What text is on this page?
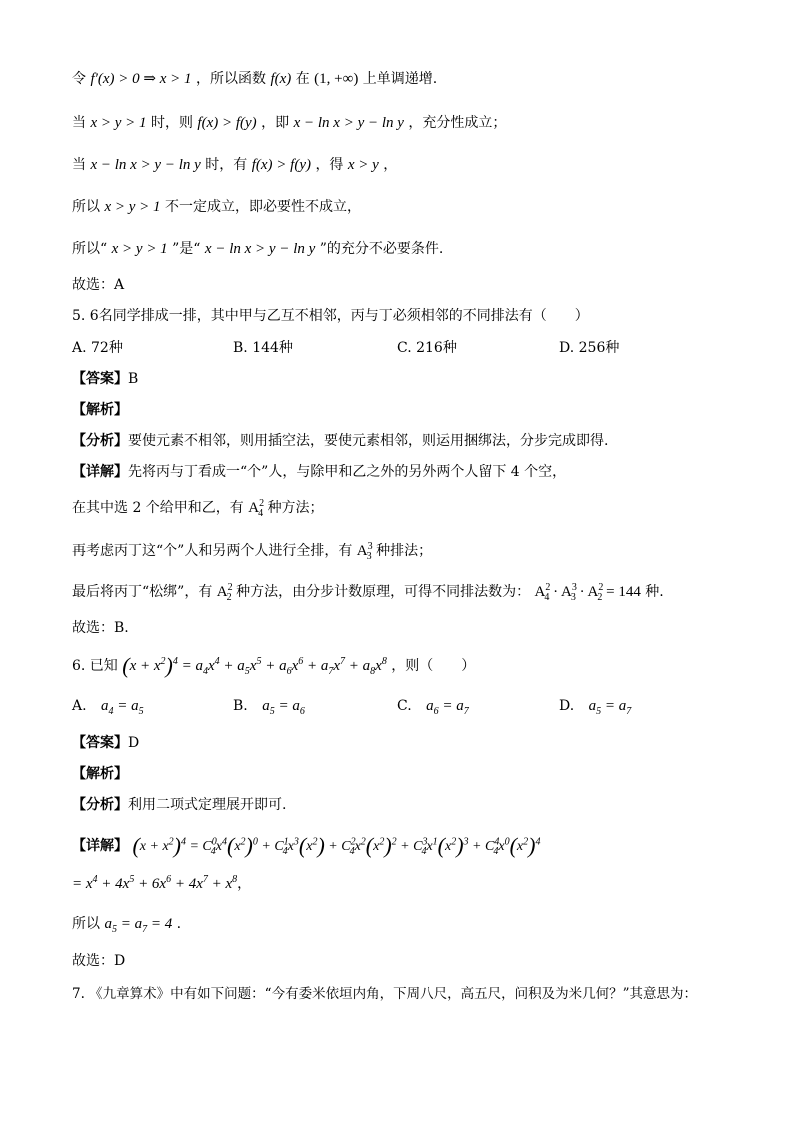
令 f′(x) > 0 ⇒ x > 1 ，所以函数 f(x) 在 (1, +∞) 上单调递增.
当 x > y > 1 时，则 f(x) > f(y) ，即 x − ln x > y − ln y ，充分性成立；
当 x − ln x > y − ln y 时，有 f(x) > f(y) ，得 x > y ，
所以 x > y > 1 不一定成立，即必要性不成立，
所以“ x > y > 1 ”是“ x − ln x > y − ln y ”的充分不必要条件.
故选：A
5. 6名同学排成一排，其中甲与乙互不相邻，丙与丁必须相邻的不同排法有（　　）
A. 72种	B. 144种	C. 216种	D. 256种
【答案】B
【解析】
【分析】要使元素不相邻，则用插空法，要使元素相邻，则运用捆绑法，分步完成即得.
【详解】先将丙与丁看成一“个”人，与除甲和乙之外的另外两个人留下 4 个空，
在其中选 2 个给甲和乙，有 $A^2_4$ 种方法；
再考虑丙丁这“个”人和另两个人进行全排，有 $A^3_3$ 种排法；
最后将丙丁“松绑”，有 $A^2_2$ 种方法，由分步计数原理，可得不同排法数为： $A^2_4 \cdot A^3_3 \cdot A^2_2 = 144$ 种.
故选：B.
6. 已知 $(x + x^2)^4 = a_4x^4 + a_5x^5 + a_6x^6 + a_7x^7 + a_8x^8$ ，则（　　）
A. $a_4 = a_5$	B. $a_5 = a_6$	C. $a_6 = a_7$	D. $a_5 = a_7$
【答案】D
【解析】
【分析】利用二项式定理展开即可.
【详解】 $(x + x^2)^4 = C^0_4x^4(x^2)^0 + C^1_4x^3(x^2) + C^2_4x^2(x^2)^2 + C^3_4x^1(x^2)^3 + C^4_4x^0(x^2)^4$
= $x^4 + 4x^5 + 6x^6 + 4x^7 + x^8$，
所以 $a_5 = a_7 = 4$ .
故选：D
7. 《九章算术》中有如下问题：“今有委米依垣内角，下周八尺，高五尺，问积及为米几何？”其意思为：
